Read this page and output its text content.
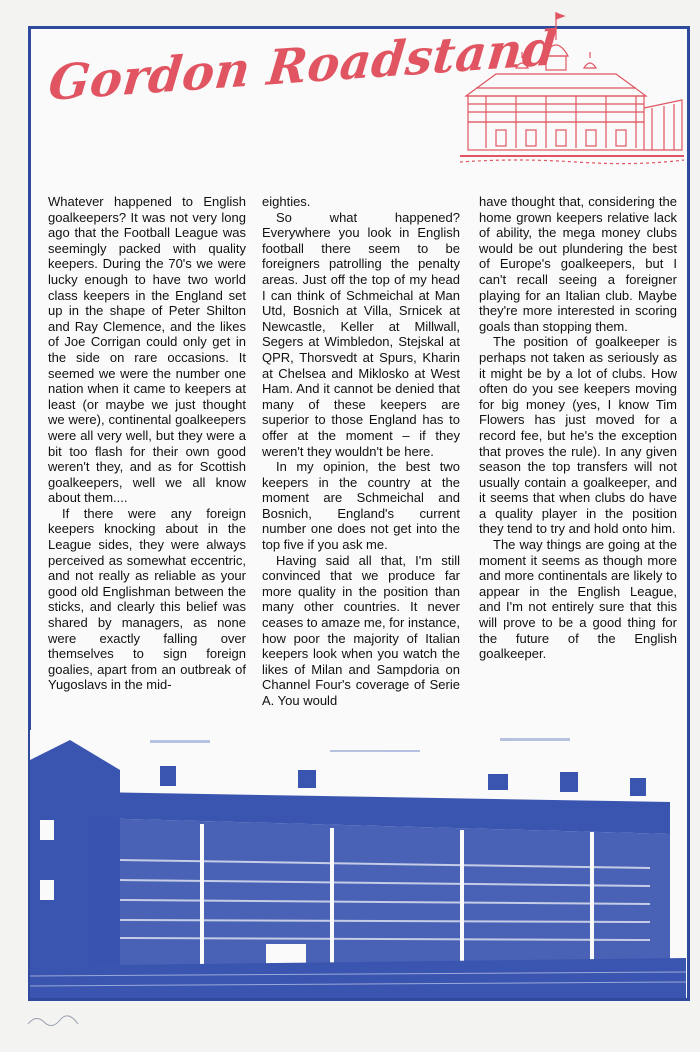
Gordon Roadstand

Whatever happened to English goalkeepers? It was not very long ago that the Football League was seemingly packed with quality keepers. During the 70's we were lucky enough to have two world class keepers in the England set up in the shape of Peter Shilton and Ray Clemence, and the likes of Joe Corrigan could only get in the side on rare occasions. It seemed we were the number one nation when it came to keepers at least (or maybe we just thought we were), continental goalkeepers were all very well, but they were a bit too flash for their own good weren't they, and as for Scottish goalkeepers, well we all know about them....

If there were any foreign keepers knocking about in the League sides, they were always perceived as somewhat eccentric, and not really as reliable as your good old Englishman between the sticks, and clearly this belief was shared by managers, as none were exactly falling over themselves to sign foreign goalies, apart from an outbreak of Yugoslavs in the mid-

eighties.

So what happened? Everywhere you look in English football there seem to be foreigners patrolling the penalty areas. Just off the top of my head I can think of Schmeichal at Man Utd, Bosnich at Villa, Srnicek at Newcastle, Keller at Millwall, Segers at Wimbledon, Stejskal at QPR, Thorsvedt at Spurs, Kharin at Chelsea and Miklosko at West Ham. And it cannot be denied that many of these keepers are superior to those England has to offer at the moment – if they weren't they wouldn't be here.

In my opinion, the best two keepers in the country at the moment are Schmeichal and Bosnich, England's current number one does not get into the top five if you ask me.

Having said all that, I'm still convinced that we produce far more quality in the position than many other countries. It never ceases to amaze me, for instance, how poor the majority of Italian keepers look when you watch the likes of Milan and Sampdoria on Channel Four's coverage of Serie A. You would

have thought that, considering the home grown keepers relative lack of ability, the mega money clubs would be out plundering the best of Europe's goalkeepers, but I can't recall seeing a foreigner playing for an Italian club. Maybe they're more interested in scoring goals than stopping them.

The position of goalkeeper is perhaps not taken as seriously as it might be by a lot of clubs. How often do you see keepers moving for big money (yes, I know Tim Flowers has just moved for a record fee, but he's the exception that proves the rule). In any given season the top transfers will not usually contain a goalkeeper, and it seems that when clubs do have a quality player in the position they tend to try and hold onto him.

The way things are going at the moment it seems as though more and more continentals are likely to appear in the English League, and I'm not entirely sure that this will prove to be a good thing for the future of the English goalkeeper.
